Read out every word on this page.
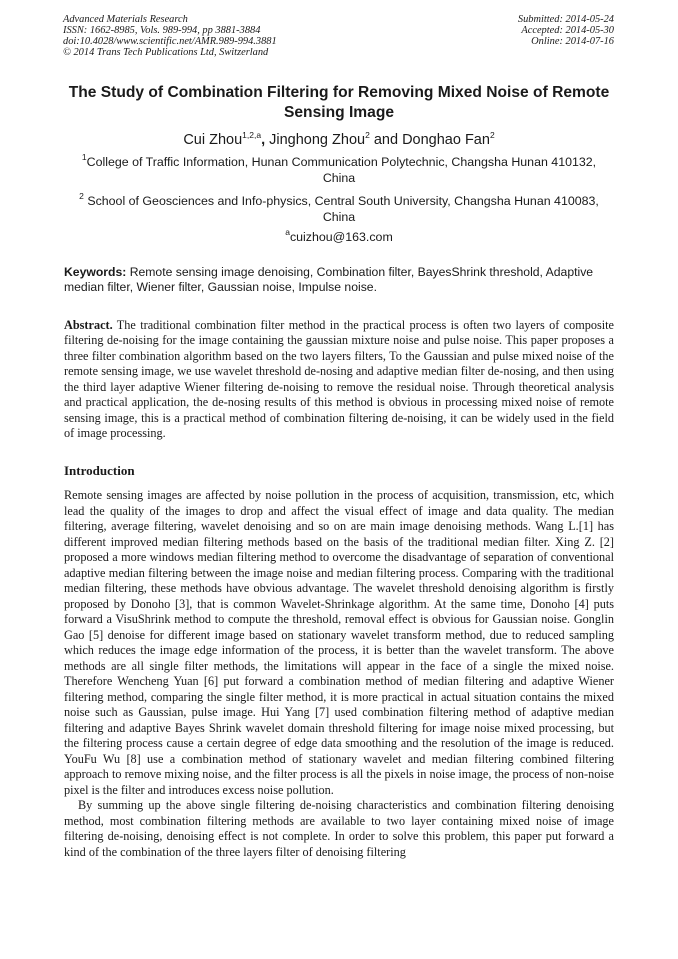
Advanced Materials Research
ISSN: 1662-8985, Vols. 989-994, pp 3881-3884
doi:10.4028/www.scientific.net/AMR.989-994.3881
© 2014 Trans Tech Publications Ltd, Switzerland
Submitted: 2014-05-24
Accepted: 2014-05-30
Online: 2014-07-16
The Study of Combination Filtering for Removing Mixed Noise of Remote Sensing Image
Cui Zhou$^{1,2,a}$, Jinghong Zhou$^2$ and Donghao Fan$^2$
$^1$College of Traffic Information, Hunan Communication Polytechnic, Changsha Hunan 410132, China
$^2$ School of Geosciences and Info-physics, Central South University, Changsha Hunan 410083, China
$^a$cuizhou@163.com
Keywords: Remote sensing image denoising, Combination filter, BayesShrink threshold, Adaptive median filter, Wiener filter, Gaussian noise, Impulse noise.
Abstract. The traditional combination filter method in the practical process is often two layers of composite filtering de-noising for the image containing the gaussian mixture noise and pulse noise. This paper proposes a three filter combination algorithm based on the two layers filters, To the Gaussian and pulse mixed noise of the remote sensing image, we use wavelet threshold de-nosing and adaptive median filter de-nosing, and then using the third layer adaptive Wiener filtering de-noising to remove the residual noise. Through theoretical analysis and practical application, the de-nosing results of this method is obvious in processing mixed noise of remote sensing image, this is a practical method of combination filtering de-noising, it can be widely used in the field of image processing.
Introduction

Remote sensing images are affected by noise pollution in the process of acquisition, transmission, etc, which lead the quality of the images to drop and affect the visual effect of image and data quality. The median filtering, average filtering, wavelet denoising and so on are main image denoising methods. Wang L.[1] has different improved median filtering methods based on the basis of the traditional median filter. Xing Z. [2] proposed a more windows median filtering method to overcome the disadvantage of separation of conventional adaptive median filtering between the image noise and median filtering process. Comparing with the traditional median filtering, these methods have obvious advantage. The wavelet threshold denoising algorithm is firstly proposed by Donoho [3], that is common Wavelet-Shrinkage algorithm. At the same time, Donoho [4] puts forward a VisuShrink method to compute the threshold, removal effect is obvious for Gaussian noise. Gonglin Gao [5] denoise for different image based on stationary wavelet transform method, due to reduced sampling which reduces the image edge information of the process, it is better than the wavelet transform. The above methods are all single filter methods, the limitations will appear in the face of a single the mixed noise. Therefore Wencheng Yuan [6] put forward a combination method of median filtering and adaptive Wiener filtering method, comparing the single filter method, it is more practical in actual situation contains the mixed noise such as Gaussian, pulse image. Hui Yang [7] used combination filtering method of adaptive median filtering and adaptive Bayes Shrink wavelet domain threshold filtering for image noise mixed processing, but the filtering process cause a certain degree of edge data smoothing and the resolution of the image is reduced. YouFu Wu [8] use a combination method of stationary wavelet and median filtering combined filtering approach to remove mixing noise, and the filter process is all the pixels in noise image, the process of non-noise pixel is the filter and introduces excess noise pollution.

By summing up the above single filtering de-noising characteristics and combination filtering denoising method, most combination filtering methods are available to two layer containing mixed noise of image filtering de-noising, denoising effect is not complete. In order to solve this problem, this paper put forward a kind of the combination of the three layers filter of denoising filtering
